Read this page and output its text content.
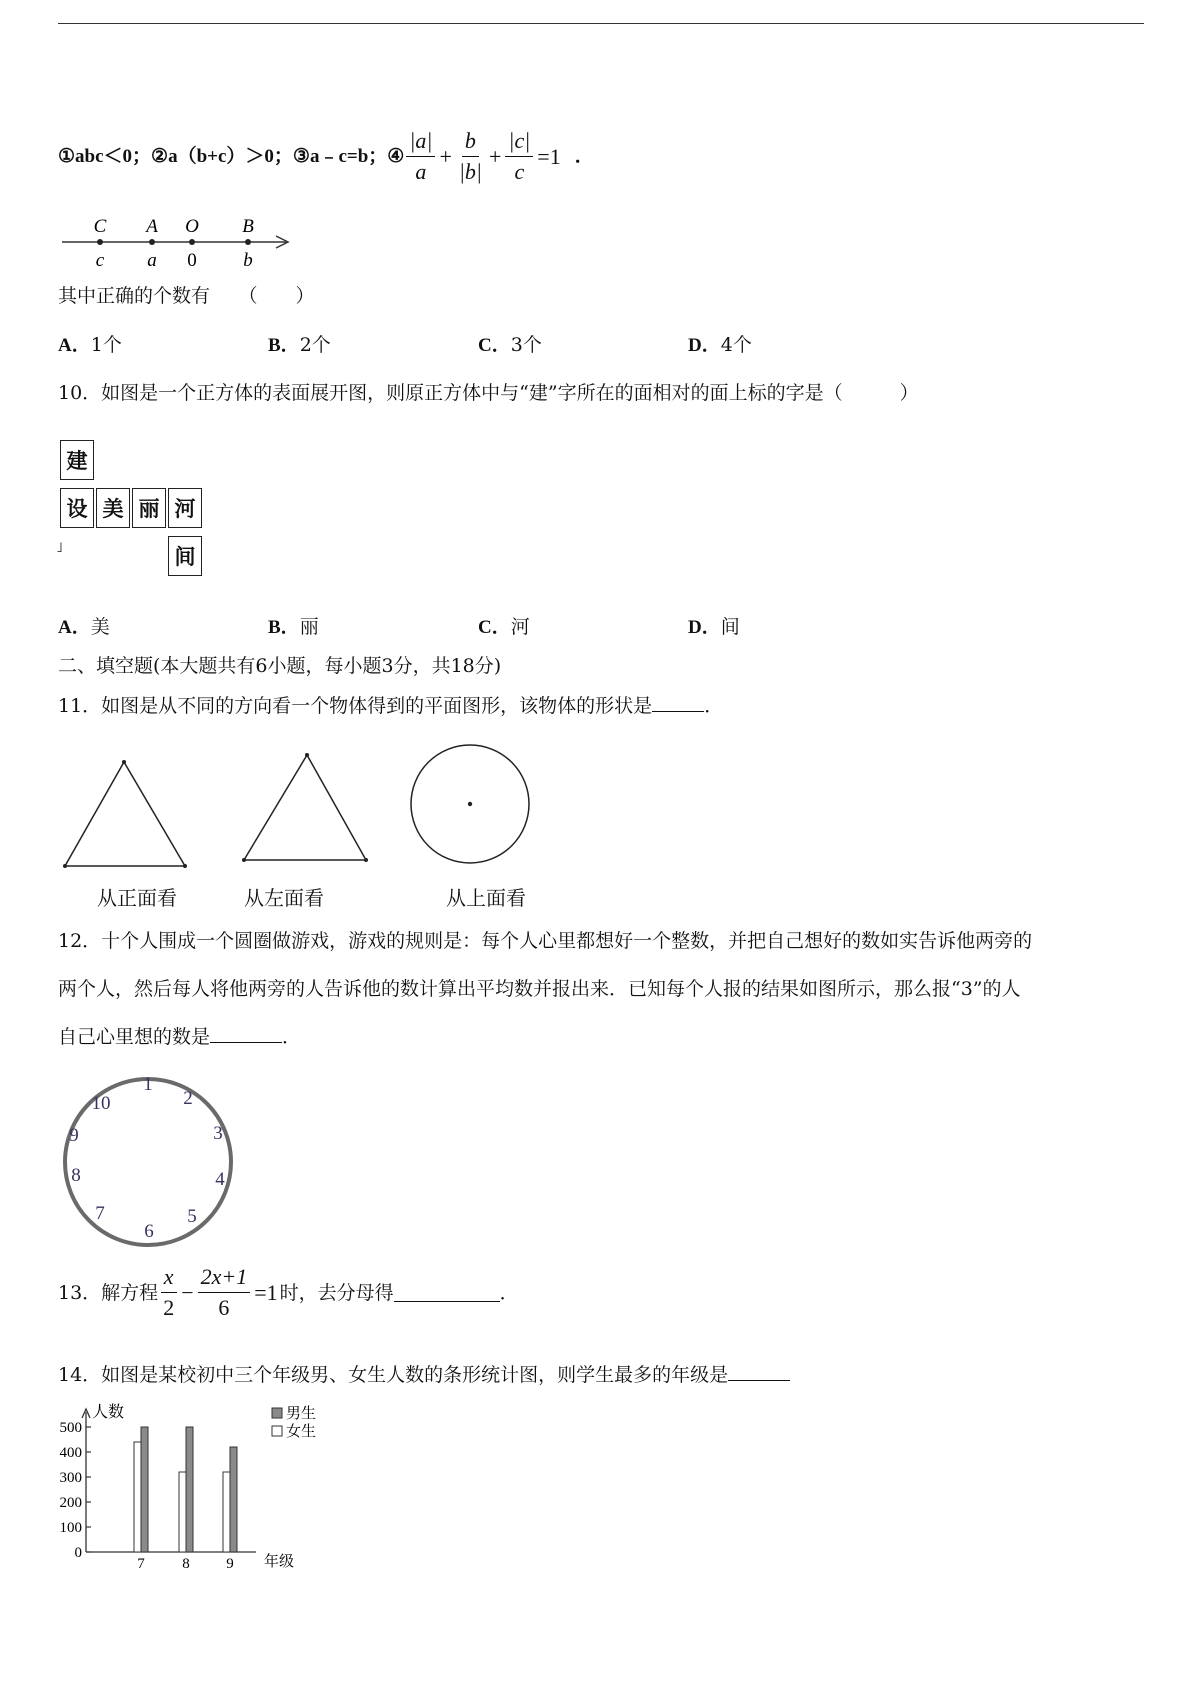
①abc＜0； ②a（b+c）＞0； ③a﹣c=b； ④ $\frac{|a|}{a} + \frac{b}{|b|} + \frac{|c|}{c} =1$ ．
C A O B
c a 0 b
其中正确的个数有　　（　　）
A．1个	B．2个	C．3个	D．4个
10．如图是一个正方体的表面展开图，则原正方体中与“建”字所在的面相对的面上标的字是（　　　）
建
设 美 丽 河
间
˩
A．美	B．丽	C．河	D．间
二、填空题(本大题共有6小题，每小题3分，共18分)
11．如图是从不同的方向看一个物体得到的平面图形，该物体的形状是	．
从正面看	从左面看	从上面看
12．十个人围成一个圆圈做游戏，游戏的规则是：每个人心里都想好一个整数，并把自己想好的数如实告诉他两旁的
两个人，然后每人将他两旁的人告诉他的数计算出平均数并报出来．已知每个人报的结果如图所示，那么报“3”的人
自己心里想的数是	．
1
2
3
4
5
6
7
8
9
10
13．解方程 $\frac{x}{2} - \frac{2x+1}{6} =1$ 时，去分母得	．
14．如图是某校初中三个年级男、女生人数的条形统计图，则学生最多的年级是
人数
年级
0
100
200
300
400
500
7	8 9
男生
女生
